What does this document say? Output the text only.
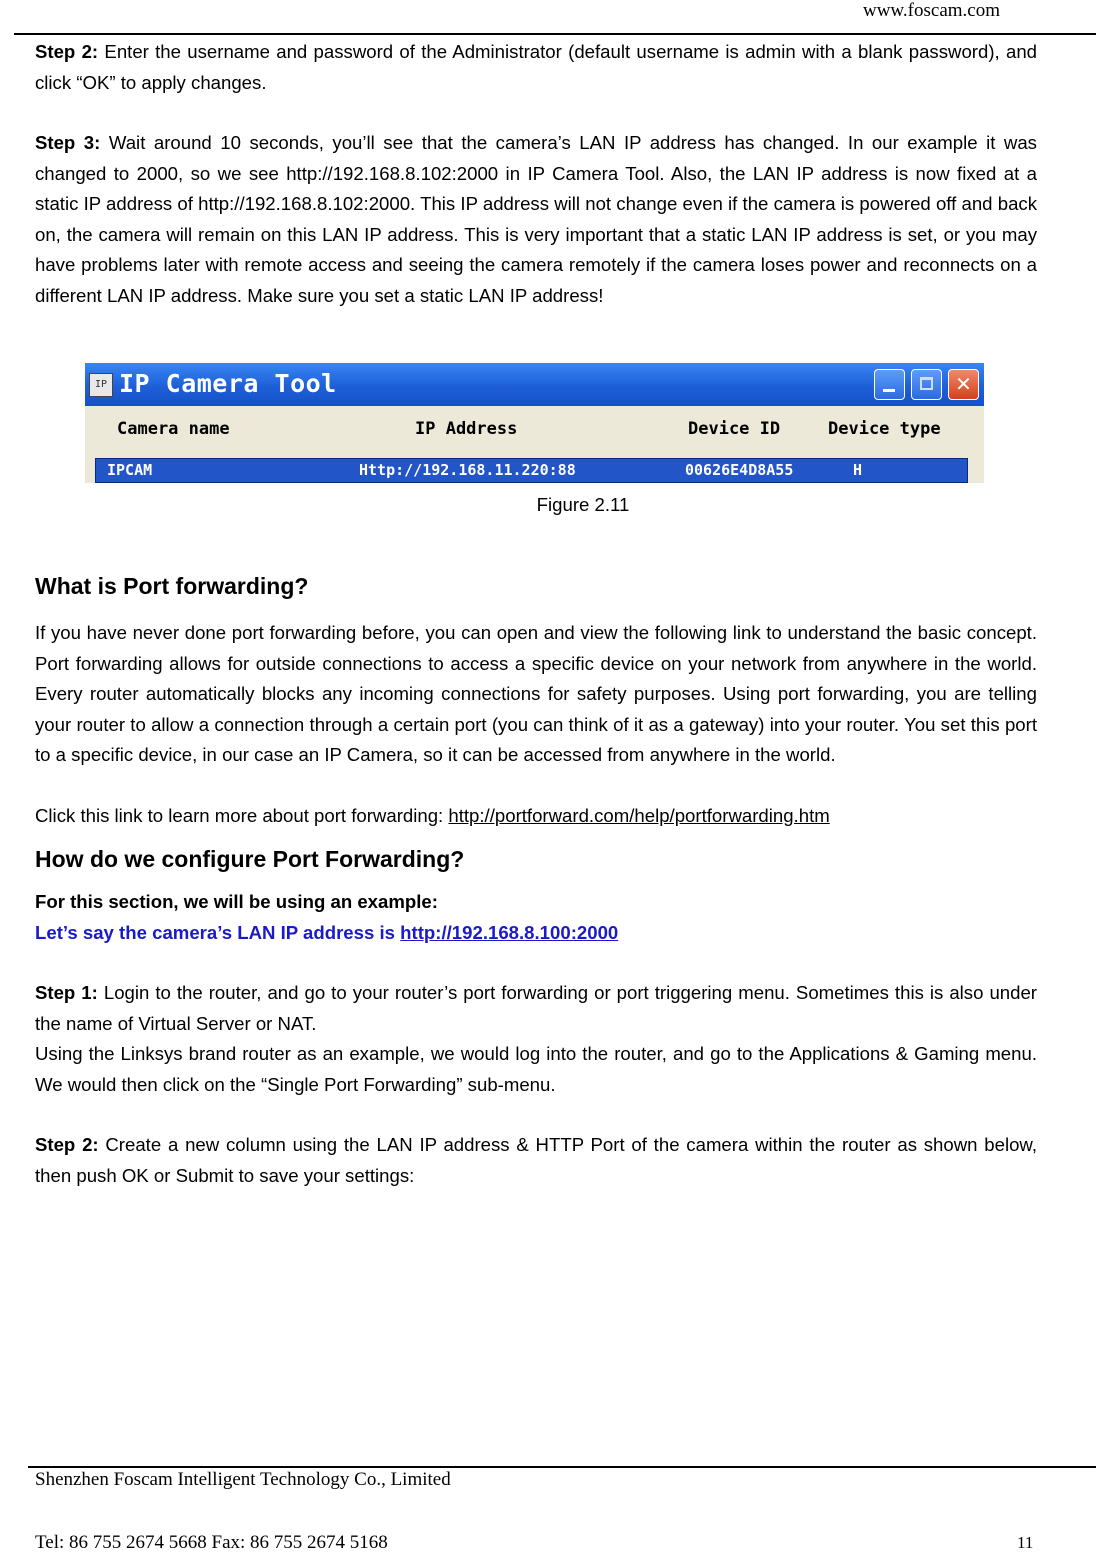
www.foscam.com

Step 2: Enter the username and password of the Administrator (default username is admin with a blank password), and click “OK” to apply changes.

Step 3: Wait around 10 seconds, you’ll see that the camera’s LAN IP address has changed. In our example it was changed to 2000, so we see http://192.168.8.102:2000 in IP Camera Tool. Also, the LAN IP address is now fixed at a static IP address of http://192.168.8.102:2000. This IP address will not change even if the camera is powered off and back on, the camera will remain on this LAN IP address. This is very important that a static LAN IP address is set, or you may have problems later with remote access and seeing the camera remotely if the camera loses power and reconnects on a different LAN IP address. Make sure you set a static LAN IP address!

IP IP Camera Tool	✕
Camera name	IP Address	Device ID	Device type
IPCAM	Http://192.168.11.220:88	00626E4D8A55	H
Figure 2.11
What is Port forwarding?

If you have never done port forwarding before, you can open and view the following link to understand the basic concept. Port forwarding allows for outside connections to access a specific device on your network from anywhere in the world. Every router automatically blocks any incoming connections for safety purposes. Using port forwarding, you are telling your router to allow a connection through a certain port (you can think of it as a gateway) into your router. You set this port to a specific device, in our case an IP Camera, so it can be accessed from anywhere in the world.

Click this link to learn more about port forwarding: http://portforward.com/help/portforwarding.htm

How do we configure Port Forwarding?

For this section, we will be using an example:

Let’s say the camera’s LAN IP address is http://192.168.8.100:2000

Step 1: Login to the router, and go to your router’s port forwarding or port triggering menu. Sometimes this is also under the name of Virtual Server or NAT.

Using the Linksys brand router as an example, we would log into the router, and go to the Applications & Gaming menu. We would then click on the “Single Port Forwarding” sub-menu.

Step 2: Create a new column using the LAN IP address & HTTP Port of the camera within the router as shown below, then push OK or Submit to save your settings:

Shenzhen Foscam Intelligent Technology Co., Limited
Tel: 86 755 2674 5668 Fax: 86 755 2674 5168	11
